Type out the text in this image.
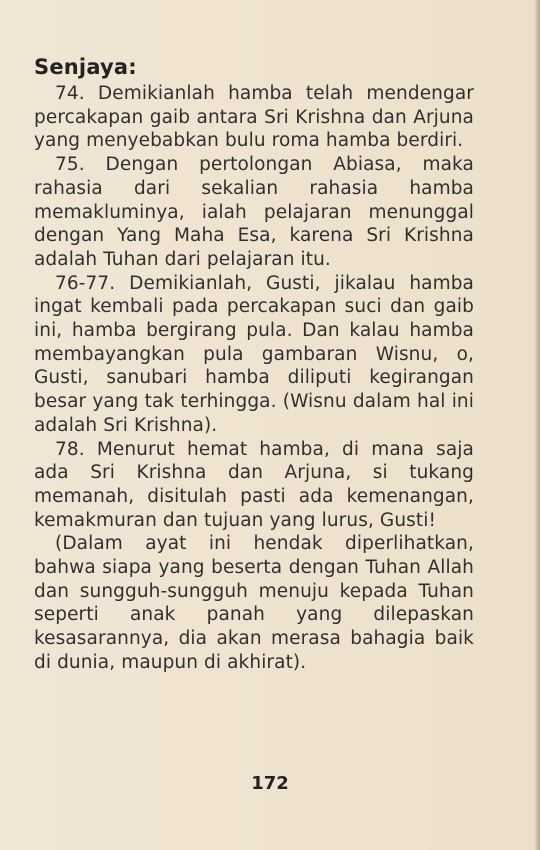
Senjaya:

74. Demikianlah hamba telah mendengar percakapan gaib antara Sri Krishna dan Arjuna yang menyebabkan bulu roma hamba berdiri.

75. Dengan pertolongan Abiasa, maka rahasia dari sekalian rahasia hamba memakluminya, ialah pelajaran menunggal dengan Yang Maha Esa, karena Sri Krishna adalah Tuhan dari pelajaran itu.

76-77. Demikianlah, Gusti, jikalau hamba ingat kembali pada percakapan suci dan gaib ini, hamba bergirang pula. Dan kalau hamba membayangkan pula gambaran Wisnu, o, Gusti, sanubari hamba diliputi kegirangan besar yang tak terhingga. (Wisnu dalam hal ini adalah Sri Krishna).

78. Menurut hemat hamba, di mana saja ada Sri Krishna dan Arjuna, si tukang memanah, disitulah pasti ada kemenangan, kemakmuran dan tujuan yang lurus, Gusti!

(Dalam ayat ini hendak diperlihatkan, bahwa siapa yang beserta dengan Tuhan Allah dan sungguh-sungguh menuju kepada Tuhan seperti anak panah yang dilepaskan kesasarannya, dia akan merasa bahagia baik di dunia, maupun di akhirat).

172
